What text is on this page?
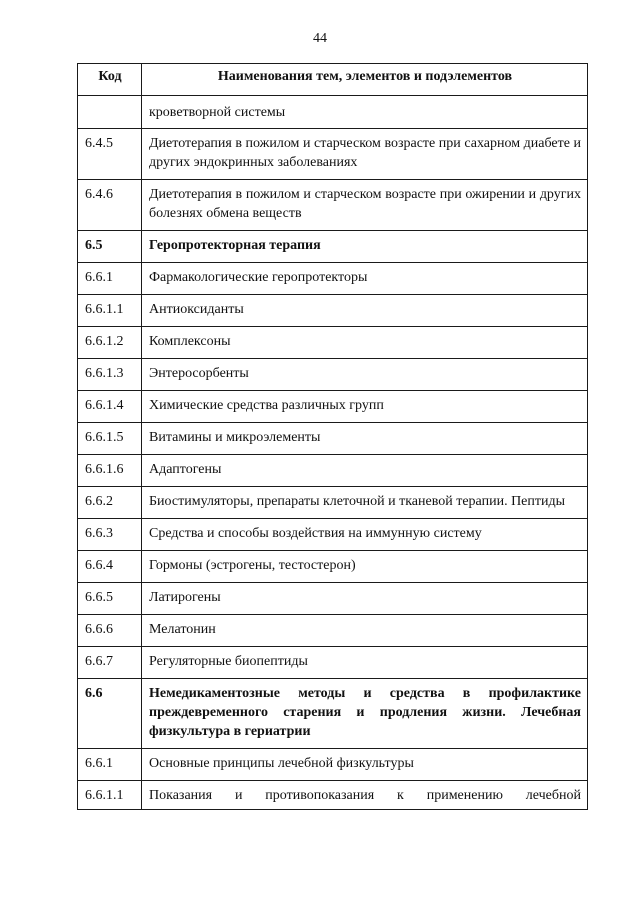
44
Код	Наименования тем, элементов и подэлементов
	кроветворной системы
6.4.5	Диетотерапия в пожилом и старческом возрасте при сахарном диабете и других эндокринных заболеваниях
6.4.6	Диетотерапия в пожилом и старческом возрасте при ожирении и других болезнях обмена веществ
6.5	Геропротекторная терапия
6.6.1	Фармакологические геропротекторы
6.6.1.1	Антиоксиданты
6.6.1.2	Комплексоны
6.6.1.3	Энтеросорбенты
6.6.1.4	Химические средства различных групп
6.6.1.5	Витамины и микроэлементы
6.6.1.6	Адаптогены
6.6.2	Биостимуляторы, препараты клеточной и тканевой терапии. Пептиды
6.6.3	Средства и способы воздействия на иммунную систему
6.6.4	Гормоны (эстрогены, тестостерон)
6.6.5	Латирогены
6.6.6	Мелатонин
6.6.7	Регуляторные биопептиды
6.6	Немедикаментозные методы и средства в профилактике преждевременного старения и продления жизни. Лечебная физкультура в гериатрии
6.6.1	Основные принципы лечебной физкультуры
6.6.1.1	Показания и противопоказания к применению лечебной
